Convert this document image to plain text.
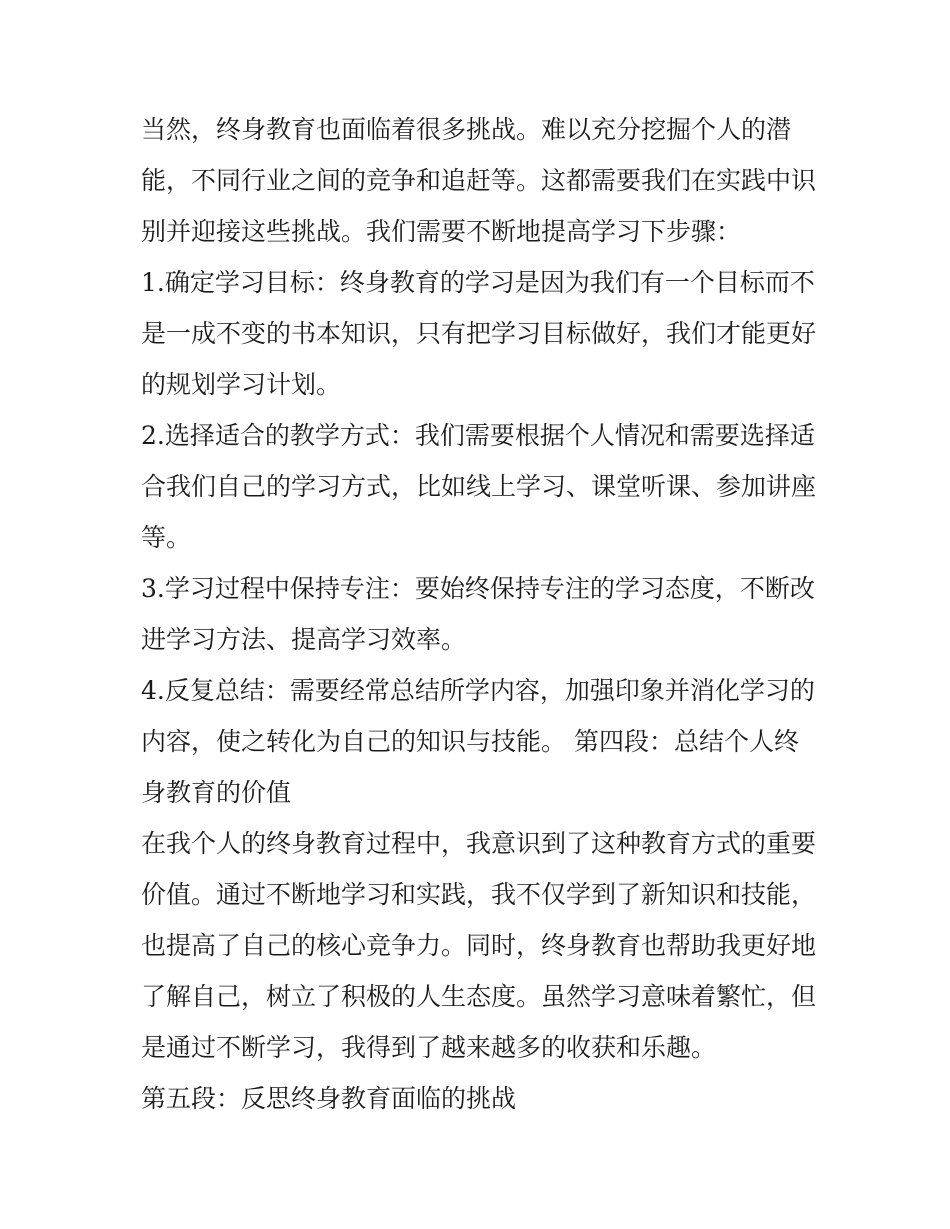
当然，终身教育也面临着很多挑战。难以充分挖掘个人的潜
能，不同行业之间的竞争和追赶等。这都需要我们在实践中识
别并迎接这些挑战。我们需要不断地提高学习下步骤：

1.确定学习目标：终身教育的学习是因为我们有一个目标而不
是一成不变的书本知识，只有把学习目标做好，我们才能更好
的规划学习计划。

2.选择适合的教学方式：我们需要根据个人情况和需要选择适
合我们自己的学习方式，比如线上学习、课堂听课、参加讲座
等。

3.学习过程中保持专注：要始终保持专注的学习态度，不断改
进学习方法、提高学习效率。

4.反复总结：需要经常总结所学内容，加强印象并消化学习的
内容，使之转化为自己的知识与技能。 第四段：总结个人终
身教育的价值

在我个人的终身教育过程中，我意识到了这种教育方式的重要
价值。通过不断地学习和实践，我不仅学到了新知识和技能，
也提高了自己的核心竞争力。同时，终身教育也帮助我更好地
了解自己，树立了积极的人生态度。虽然学习意味着繁忙，但
是通过不断学习，我得到了越来越多的收获和乐趣。

第五段：反思终身教育面临的挑战
